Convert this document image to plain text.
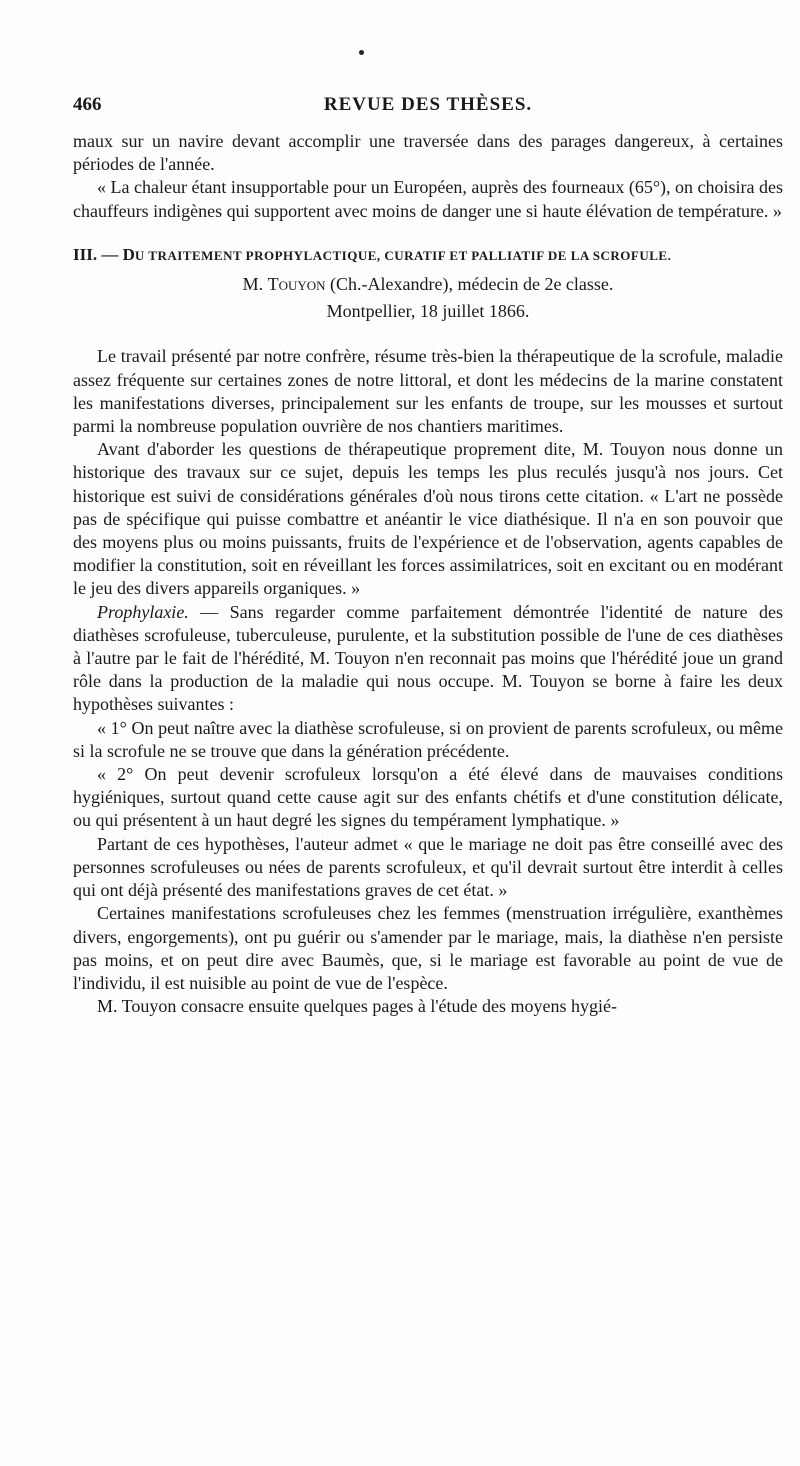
466	REVUE DES THÈSES.

maux sur un navire devant accomplir une traversée dans des parages dangereux, à certaines périodes de l'année.

« La chaleur étant insupportable pour un Européen, auprès des fourneaux (65°), on choisira des chauffeurs indigènes qui supportent avec moins de danger une si haute élévation de température. »

III. — DU TRAITEMENT PROPHYLACTIQUE, CURATIF ET PALLIATIF DE LA SCROFULE.

M. Touyon (Ch.-Alexandre), médecin de 2e classe.

Montpellier, 18 juillet 1866.

Le travail présenté par notre confrère, résume très-bien la thérapeutique de la scrofule, maladie assez fréquente sur certaines zones de notre littoral, et dont les médecins de la marine constatent les manifestations diverses, principalement sur les enfants de troupe, sur les mousses et surtout parmi la nombreuse population ouvrière de nos chantiers maritimes.

Avant d'aborder les questions de thérapeutique proprement dite, M. Touyon nous donne un historique des travaux sur ce sujet, depuis les temps les plus reculés jusqu'à nos jours. Cet historique est suivi de considérations générales d'où nous tirons cette citation. « L'art ne possède pas de spécifique qui puisse combattre et anéantir le vice diathésique. Il n'a en son pouvoir que des moyens plus ou moins puissants, fruits de l'expérience et de l'observation, agents capables de modifier la constitution, soit en réveillant les forces assimilatrices, soit en excitant ou en modérant le jeu des divers appareils organiques. »

Prophylaxie. — Sans regarder comme parfaitement démontrée l'identité de nature des diathèses scrofuleuse, tuberculeuse, purulente, et la substitution possible de l'une de ces diathèses à l'autre par le fait de l'hérédité, M. Touyon n'en reconnait pas moins que l'hérédité joue un grand rôle dans la production de la maladie qui nous occupe. M. Touyon se borne à faire les deux hypothèses suivantes :

« 1° On peut naître avec la diathèse scrofuleuse, si on provient de parents scrofuleux, ou même si la scrofule ne se trouve que dans la génération précédente.

« 2° On peut devenir scrofuleux lorsqu'on a été élevé dans de mauvaises conditions hygiéniques, surtout quand cette cause agit sur des enfants chétifs et d'une constitution délicate, ou qui présentent à un haut degré les signes du tempérament lymphatique. »

Partant de ces hypothèses, l'auteur admet « que le mariage ne doit pas être conseillé avec des personnes scrofuleuses ou nées de parents scrofuleux, et qu'il devrait surtout être interdit à celles qui ont déjà présenté des manifestations graves de cet état. »

Certaines manifestations scrofuleuses chez les femmes (menstruation irrégulière, exanthèmes divers, engorgements), ont pu guérir ou s'amender par le mariage, mais, la diathèse n'en persiste pas moins, et on peut dire avec Baumès, que, si le mariage est favorable au point de vue de l'individu, il est nuisible au point de vue de l'espèce.

M. Touyon consacre ensuite quelques pages à l'étude des moyens hygié-
